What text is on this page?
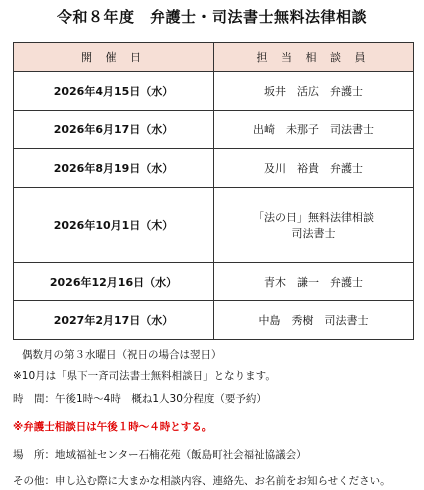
令和８年度　弁護士・司法書士無料法律相談
開 催 日	担 当 相 談 員
2026年4月15日（水）	坂井　活広　弁護士

2026年6月17日（水）	出崎　未那子　司法書士

2026年8月19日（水）	及川　裕貴　弁護士

2026年10月1日（木）	「法の日」無料法律相談
司法書士

2026年12月16日（水）	青木　謙一　弁護士

2027年2月17日（水）	中島　秀樹　司法書士
偶数月の第３水曜日（祝日の場合は翌日）
※10月は「県下一斉司法書士無料相談日」となります。
時　間：午後1時～4時　概ね1人30分程度（要予約）
※弁護士相談日は午後１時～４時とする。
場　所：地域福祉センター石楠花苑（飯島町社会福祉協議会）
その他：申し込む際に大まかな相談内容、連絡先、お名前をお知らせください。
